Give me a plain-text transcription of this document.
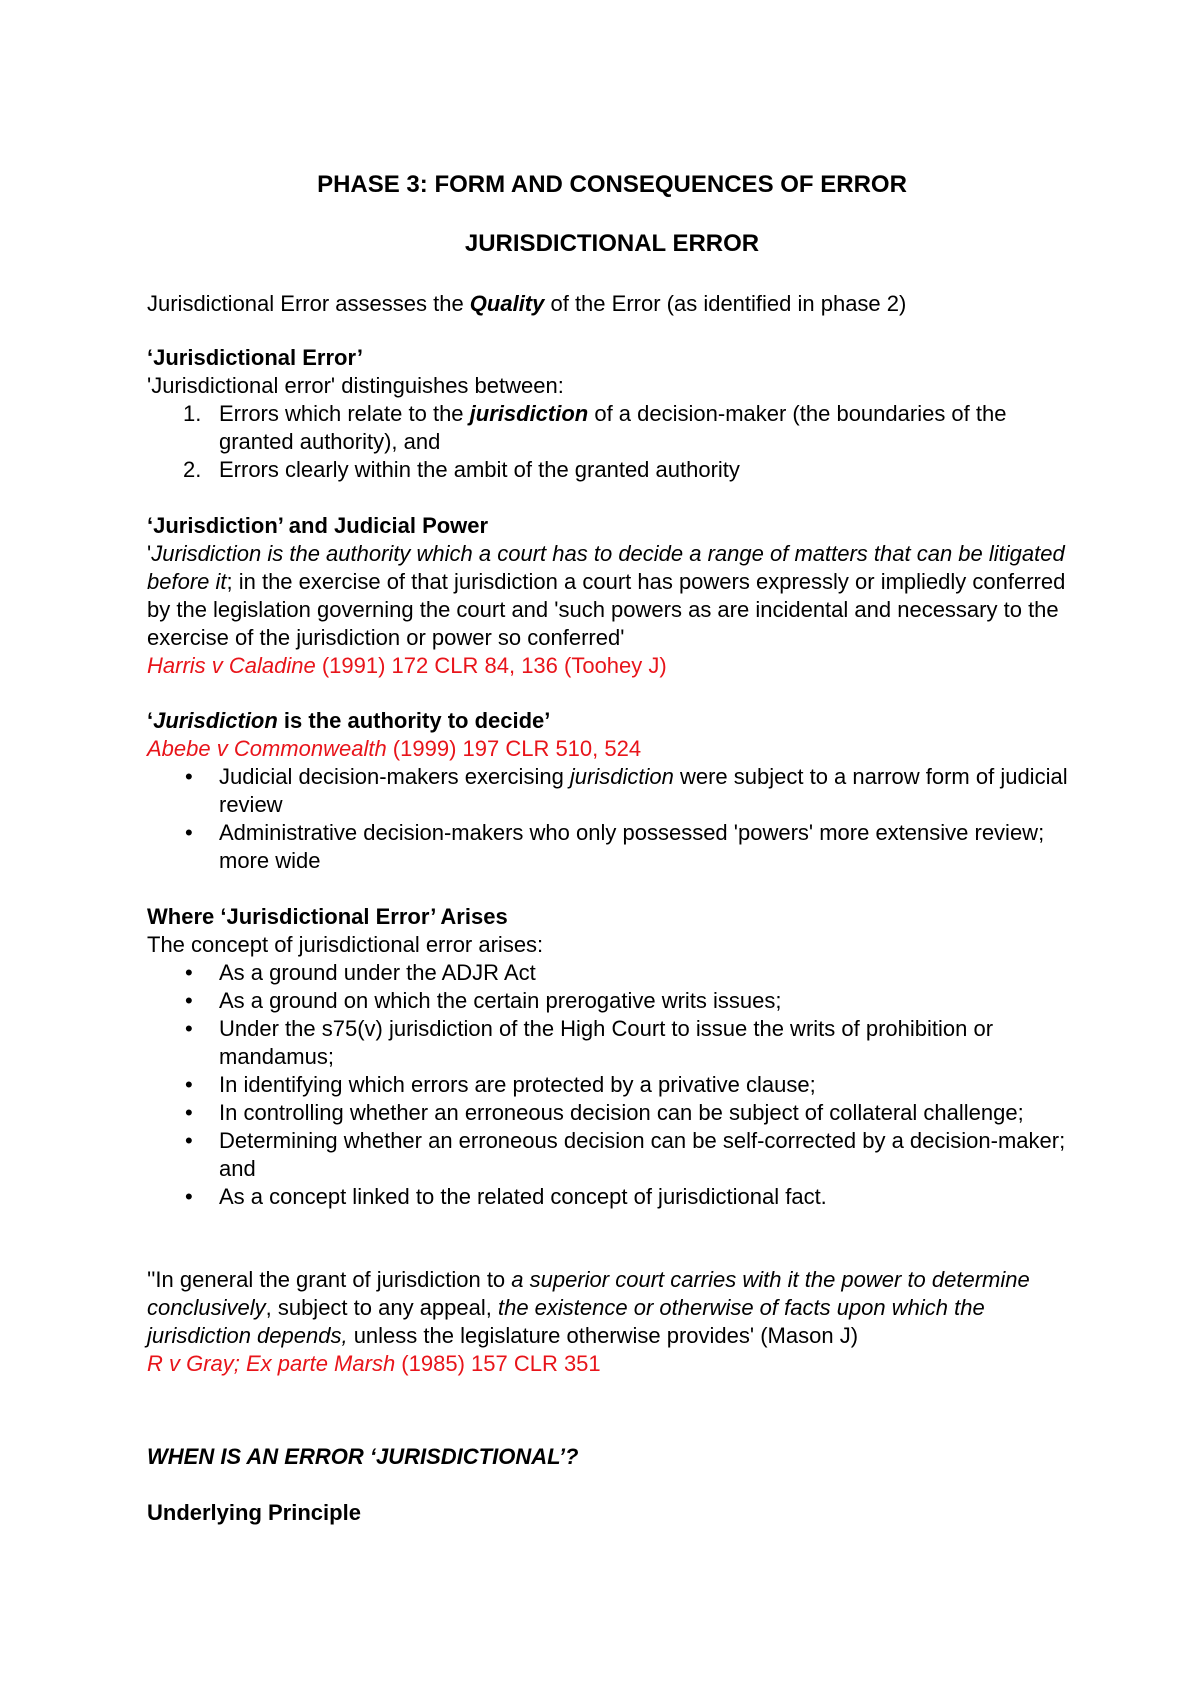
PHASE 3: FORM AND CONSEQUENCES OF ERROR
JURISDICTIONAL ERROR

Jurisdictional Error assesses the Quality of the Error (as identified in phase 2)

‘Jurisdictional Error’

'Jurisdictional error' distinguishes between:

1. Errors which relate to the jurisdiction of a decision-maker (the boundaries of the granted authority), and
2. Errors clearly within the ambit of the granted authority

‘Jurisdiction’ and Judicial Power

'Jurisdiction is the authority which a court has to decide a range of matters that can be litigated before it; in the exercise of that jurisdiction a court has powers expressly or impliedly conferred by the legislation governing the court and 'such powers as are incidental and necessary to the exercise of the jurisdiction or power so conferred'

Harris v Caladine (1991) 172 CLR 84, 136 (Toohey J)

‘Jurisdiction is the authority to decide’

Abebe v Commonwealth (1999) 197 CLR 510, 524

•	Judicial decision-makers exercising jurisdiction were subject to a narrow form of judicial review
•	Administrative decision-makers who only possessed 'powers' more extensive review; more wide

Where ‘Jurisdictional Error’ Arises

The concept of jurisdictional error arises:

•	As a ground under the ADJR Act
•	As a ground on which the certain prerogative writs issues;
•	Under the s75(v) jurisdiction of the High Court to issue the writs of prohibition or mandamus;
•	In identifying which errors are protected by a privative clause;
•	In controlling whether an erroneous decision can be subject of collateral challenge;
•	Determining whether an erroneous decision can be self-corrected by a decision-maker; and
•	As a concept linked to the related concept of jurisdictional fact.

''In general the grant of jurisdiction to a superior court carries with it the power to determine conclusively, subject to any appeal, the existence or otherwise of facts upon which the jurisdiction depends, unless the legislature otherwise provides' (Mason J)

R v Gray; Ex parte Marsh (1985) 157 CLR 351

WHEN IS AN ERROR ‘JURISDICTIONAL’?

Underlying Principle
